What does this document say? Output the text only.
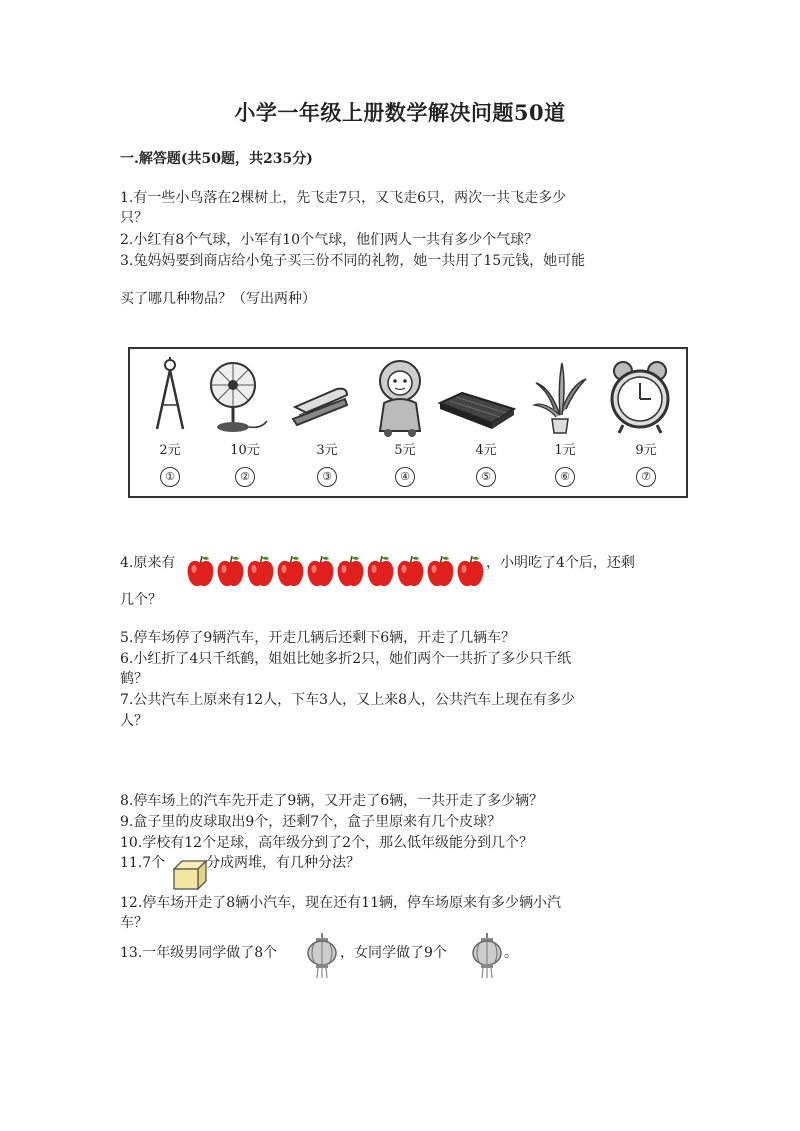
小学一年级上册数学解决问题50道
一.解答题(共50题，共235分)
1.有一些小鸟落在2棵树上，先飞走7只，又飞走6只，两次一共飞走多少
只？
2.小红有8个气球，小军有10个气球，他们两人一共有多少个气球？
3.兔妈妈要到商店给小兔子买三份不同的礼物，她一共用了15元钱，她可能
买了哪几种物品？（写出两种）
2元	10元	3元	5元	4元	1元	9元
①	②	③	④	⑤	⑥	⑦
4.原来有	，小明吃了4个后，还剩
几个？
5.停车场停了9辆汽车，开走几辆后还剩下6辆，开走了几辆车？
6.小红折了4只千纸鹤，姐姐比她多折2只，她们两个一共折了多少只千纸
鹤？
7.公共汽车上原来有12人，下车3人，又上来8人，公共汽车上现在有多少
人？
8.停车场上的汽车先开走了9辆，又开走了6辆，一共开走了多少辆？
9.盒子里的皮球取出9个，还剩7个，盒子里原来有几个皮球？
10.学校有12个足球，高年级分到了2个，那么低年级能分到几个？
11.7个	分成两堆，有几种分法？
12.停车场开走了8辆小汽车，现在还有11辆，停车场原来有多少辆小汽
车？
13.一年级男同学做了8个	，女同学做了9个	。
